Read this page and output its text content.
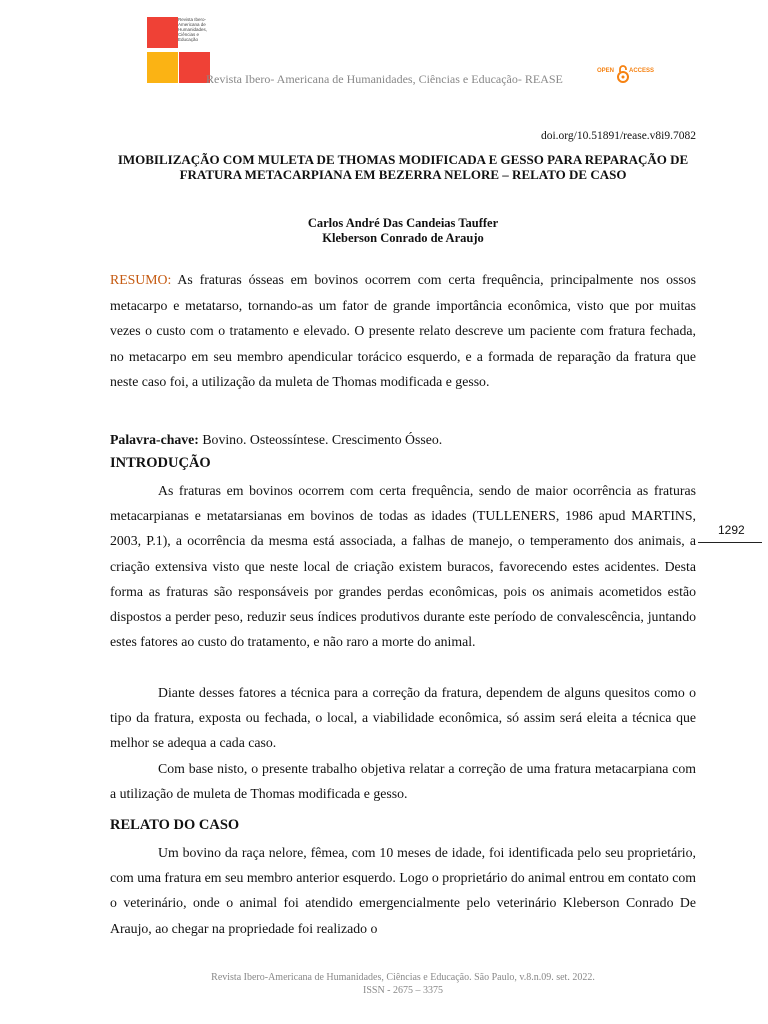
Revista Ibero-Americana de Humanidades, Ciências e Educação
Revista Ibero- Americana de Humanidades, Ciências e Educação- REASE
OPEN ACCESS
doi.org/10.51891/rease.v8i9.7082
IMOBILIZAÇÃO COM MULETA DE THOMAS MODIFICADA E GESSO PARA REPARAÇÃO DE FRATURA METACARPIANA EM BEZERRA NELORE – RELATO DE CASO
Carlos André Das Candeias Tauffer
Kleberson Conrado de Araujo
RESUMO: As fraturas ósseas em bovinos ocorrem com certa frequência, principalmente nos ossos metacarpo e metatarso, tornando-as um fator de grande importância econômica, visto que por muitas vezes o custo com o tratamento e elevado. O presente relato descreve um paciente com fratura fechada, no metacarpo em seu membro apendicular torácico esquerdo, e a formada de reparação da fratura que neste caso foi, a utilização da muleta de Thomas modificada e gesso.
Palavra-chave: Bovino. Osteossíntese. Crescimento Ósseo.
INTRODUÇÃO

As fraturas em bovinos ocorrem com certa frequência, sendo de maior ocorrência as fraturas metacarpianas e metatarsianas em bovinos de todas as idades (TULLENERS, 1986 apud MARTINS, 2003, P.1), a ocorrência da mesma está associada, a falhas de manejo, o temperamento dos animais, a criação extensiva visto que neste local de criação existem buracos, favorecendo estes acidentes. Desta forma as fraturas são responsáveis por grandes perdas econômicas, pois os animais acometidos estão dispostos a perder peso, reduzir seus índices produtivos durante este período de convalescência, juntando estes fatores ao custo do tratamento, e não raro a morte do animal.

Diante desses fatores a técnica para a correção da fratura, dependem de alguns quesitos como o tipo da fratura, exposta ou fechada, o local, a viabilidade econômica, só assim será eleita a técnica que melhor se adequa a cada caso.

Com base nisto, o presente trabalho objetiva relatar a correção de uma fratura metacarpiana com a utilização de muleta de Thomas modificada e gesso.

RELATO DO CASO

Um bovino da raça nelore, fêmea, com 10 meses de idade, foi identificada pelo seu proprietário, com uma fratura em seu membro anterior esquerdo. Logo o proprietário do animal entrou em contato com o veterinário, onde o animal foi atendido emergencialmente pelo veterinário Kleberson Conrado De Araujo, ao chegar na propriedade foi realizado o

1292
Revista Ibero-Americana de Humanidades, Ciências e Educação. São Paulo, v.8.n.09. set. 2022.
ISSN - 2675 – 3375
